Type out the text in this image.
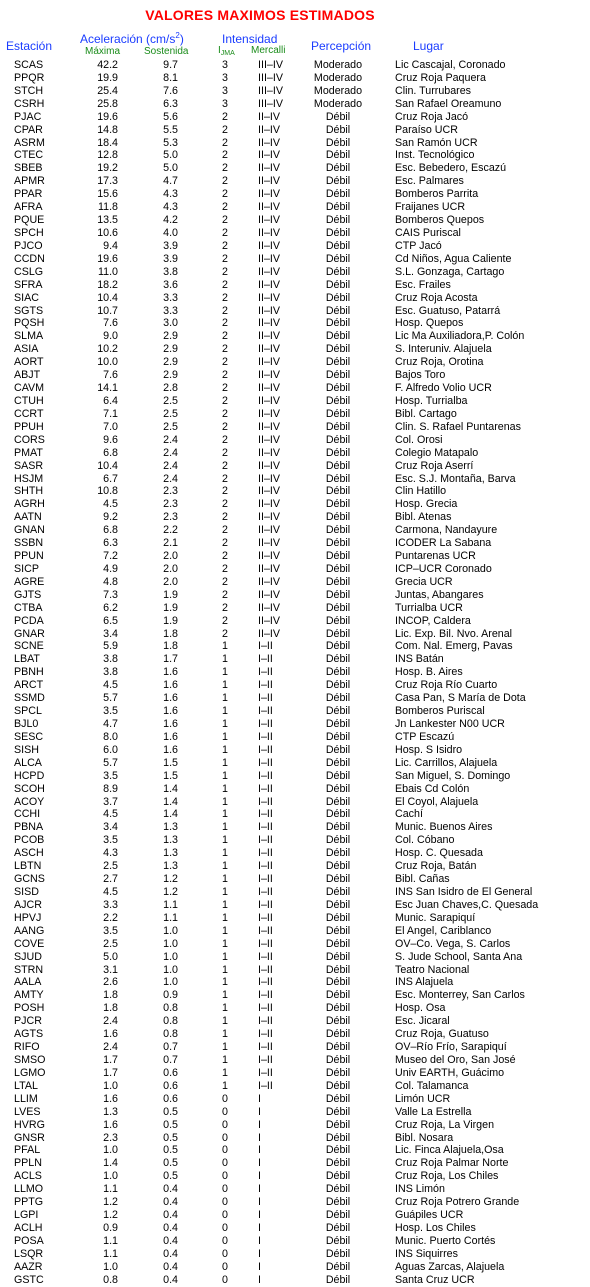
VALORES MAXIMOS ESTIMADOS
Estación Aceleración $(cm/s^2)$
Máxima Sostenida
Intensidad
$I_{JMA}$ Mercalli Percepción	Lugar
SCAS	42.2	9.7	3	III–IV	Moderado	Lic Cascajal, Coronado
PPQR	19.9	8.1	3	III–IV	Moderado	Cruz Roja Paquera
STCH	25.4	7.6	3	III–IV	Moderado	Clin. Turrubares
CSRH	25.8	6.3	3	III–IV	Moderado	San Rafael Oreamuno
PJAC	19.6	5.6	2	II–IV	Débil	Cruz Roja Jacó
CPAR	14.8	5.5	2	II–IV	Débil	Paraíso UCR
ASRM	18.4	5.3	2	II–IV	Débil	San Ramón UCR
CTEC	12.8	5.0	2	II–IV	Débil	Inst. Tecnológico
SBEB	19.2	5.0	2	II–IV	Débil	Esc. Bebedero, Escazú
APMR	17.3	4.7	2	II–IV	Débil	Esc. Palmares
PPAR	15.6	4.3	2	II–IV	Débil	Bomberos Parrita
AFRA	11.8	4.3	2	II–IV	Débil	Fraijanes UCR
PQUE	13.5	4.2	2	II–IV	Débil	Bomberos Quepos
SPCH	10.6	4.0	2	II–IV	Débil	CAIS Puriscal
PJCO	9.4	3.9	2	II–IV	Débil	CTP Jacó
CCDN	19.6	3.9	2	II–IV	Débil	Cd Niños, Agua Caliente
CSLG	11.0	3.8	2	II–IV	Débil	S.L. Gonzaga, Cartago
SFRA	18.2	3.6	2	II–IV	Débil	Esc. Frailes
SIAC	10.4	3.3	2	II–IV	Débil	Cruz Roja Acosta
SGTS	10.7	3.3	2	II–IV	Débil	Esc. Guatuso, Patarrá
PQSH	7.6	3.0	2	II–IV	Débil	Hosp. Quepos
SLMA	9.0	2.9	2	II–IV	Débil	Lic Ma Auxiliadora,P. Colón
ASIA	10.2	2.9	2	II–IV	Débil	S. Interuniv. Alajuela
AORT	10.0	2.9	2	II–IV	Débil	Cruz Roja, Orotina
ABJT	7.6	2.9	2	II–IV	Débil	Bajos Toro
CAVM	14.1	2.8	2	II–IV	Débil	F. Alfredo Volio UCR
CTUH	6.4	2.5	2	II–IV	Débil	Hosp. Turrialba
CCRT	7.1	2.5	2	II–IV	Débil	Bibl. Cartago
PPUH	7.0	2.5	2	II–IV	Débil	Clin. S. Rafael Puntarenas
CORS	9.6	2.4	2	II–IV	Débil	Col. Orosi
PMAT	6.8	2.4	2	II–IV	Débil	Colegio Matapalo
SASR	10.4	2.4	2	II–IV	Débil	Cruz Roja Aserrí
HSJM	6.7	2.4	2	II–IV	Débil	Esc. S.J. Montaña, Barva
SHTH	10.8	2.3	2	II–IV	Débil	Clin Hatillo
AGRH	4.5	2.3	2	II–IV	Débil	Hosp. Grecia
AATN	9.2	2.3	2	II–IV	Débil	Bibl. Atenas
GNAN	6.8	2.2	2	II–IV	Débil	Carmona, Nandayure
SSBN	6.3	2.1	2	II–IV	Débil	ICODER La Sabana
PPUN	7.2	2.0	2	II–IV	Débil	Puntarenas UCR
SICP	4.9	2.0	2	II–IV	Débil	ICP–UCR Coronado
AGRE	4.8	2.0	2	II–IV	Débil	Grecia UCR
GJTS	7.3	1.9	2	II–IV	Débil	Juntas, Abangares
CTBA	6.2	1.9	2	II–IV	Débil	Turrialba UCR
PCDA	6.5	1.9	2	II–IV	Débil	INCOP, Caldera
GNAR	3.4	1.8	2	II–IV	Débil	Lic. Exp. Bil. Nvo. Arenal
SCNE	5.9	1.8	1	I–II	Débil	Com. Nal. Emerg, Pavas
LBAT	3.8	1.7	1	I–II	Débil	INS Batán
PBNH	3.8	1.6	1	I–II	Débil	Hosp. B. Aires
ARCT	4.5	1.6	1	I–II	Débil	Cruz Roja Río Cuarto
SSMD	5.7	1.6	1	I–II	Débil	Casa Pan, S María de Dota
SPCL	3.5	1.6	1	I–II	Débil	Bomberos Puriscal
BJL0	4.7	1.6	1	I–II	Débil	Jn Lankester N00 UCR
SESC	8.0	1.6	1	I–II	Débil	CTP Escazú
SISH	6.0	1.6	1	I–II	Débil	Hosp. S Isidro
ALCA	5.7	1.5	1	I–II	Débil	Lic. Carrillos, Alajuela
HCPD	3.5	1.5	1	I–II	Débil	San Miguel, S. Domingo
SCOH	8.9	1.4	1	I–II	Débil	Ebais Cd Colón
ACOY	3.7	1.4	1	I–II	Débil	El Coyol, Alajuela
CCHI	4.5	1.4	1	I–II	Débil	Cachí
PBNA	3.4	1.3	1	I–II	Débil	Munic. Buenos Aires
PCOB	3.5	1.3	1	I–II	Débil	Col. Cóbano
ASCH	4.3	1.3	1	I–II	Débil	Hosp. C. Quesada
LBTN	2.5	1.3	1	I–II	Débil	Cruz Roja, Batán
GCNS	2.7	1.2	1	I–II	Débil	Bibl. Cañas
SISD	4.5	1.2	1	I–II	Débil	INS San Isidro de El General
AJCR	3.3	1.1	1	I–II	Débil	Esc Juan Chaves,C. Quesada
HPVJ	2.2	1.1	1	I–II	Débil	Munic. Sarapiquí
AANG	3.5	1.0	1	I–II	Débil	El Angel, Cariblanco
COVE	2.5	1.0	1	I–II	Débil	OV–Co. Vega, S. Carlos
SJUD	5.0	1.0	1	I–II	Débil	S. Jude School, Santa Ana
STRN	3.1	1.0	1	I–II	Débil	Teatro Nacional
AALA	2.6	1.0	1	I–II	Débil	INS Alajuela
AMTY	1.8	0.9	1	I–II	Débil	Esc. Monterrey, San Carlos
POSH	1.8	0.8	1	I–II	Débil	Hosp. Osa
PJCR	2.4	0.8	1	I–II	Débil	Esc. Jicaral
AGTS	1.6	0.8	1	I–II	Débil	Cruz Roja, Guatuso
RIFO	2.4	0.7	1	I–II	Débil	OV–Río Frío, Sarapiquí
SMSO	1.7	0.7	1	I–II	Débil	Museo del Oro, San José
LGMO	1.7	0.6	1	I–II	Débil	Univ EARTH, Guácimo
LTAL	1.0	0.6	1	I–II	Débil	Col. Talamanca
LLIM	1.6	0.6	0	I	Débil	Limón UCR
LVES	1.3	0.5	0	I	Débil	Valle La Estrella
HVRG	1.6	0.5	0	I	Débil	Cruz Roja, La Virgen
GNSR	2.3	0.5	0	I	Débil	Bibl. Nosara
PFAL	1.0	0.5	0	I	Débil	Lic. Finca Alajuela,Osa
PPLN	1.4	0.5	0	I	Débil	Cruz Roja Palmar Norte
ACLS	1.0	0.5	0	I	Débil	Cruz Roja, Los Chiles
LLMO	1.1	0.4	0	I	Débil	INS Limón
PPTG	1.2	0.4	0	I	Débil	Cruz Roja Potrero Grande
LGPI	1.2	0.4	0	I	Débil	Guápiles UCR
ACLH	0.9	0.4	0	I	Débil	Hosp. Los Chiles
POSA	1.1	0.4	0	I	Débil	Munic. Puerto Cortés
LSQR	1.1	0.4	0	I	Débil	INS Siquirres
AAZR	1.0	0.4	0	I	Débil	Aguas Zarcas, Alajuela
GSTC	0.8	0.4	0	I	Débil	Santa Cruz UCR
